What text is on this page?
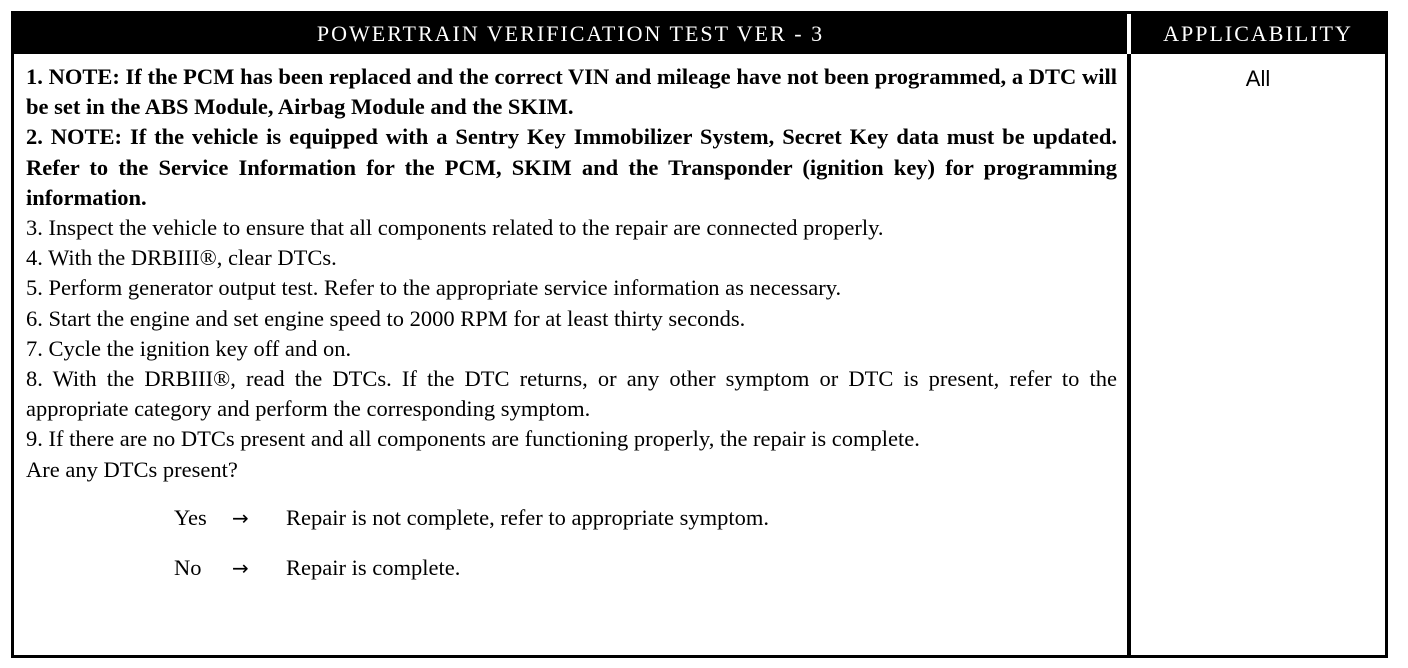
POWERTRAIN VERIFICATION TEST VER - 3	APPLICABILITY

1. NOTE: If the PCM has been replaced and the correct VIN and mileage have not been programmed, a DTC will be set in the ABS Module, Airbag Module and the SKIM.

2. NOTE: If the vehicle is equipped with a Sentry Key Immobilizer System, Secret Key data must be updated. Refer to the Service Information for the PCM, SKIM and the Transponder (ignition key) for programming information.

3. Inspect the vehicle to ensure that all components related to the repair are connected properly.

4. With the DRBIII®, clear DTCs.

5. Perform generator output test. Refer to the appropriate service information as necessary.

6. Start the engine and set engine speed to 2000 RPM for at least thirty seconds.

7. Cycle the ignition key off and on.

8. With the DRBIII®, read the DTCs. If the DTC returns, or any other symptom or DTC is present, refer to the appropriate category and perform the corresponding symptom.

9. If there are no DTCs present and all components are functioning properly, the repair is complete.

Are any DTCs present?

Yes	→	Repair is not complete, refer to appropriate symptom.
No	→	Repair is complete.
All
